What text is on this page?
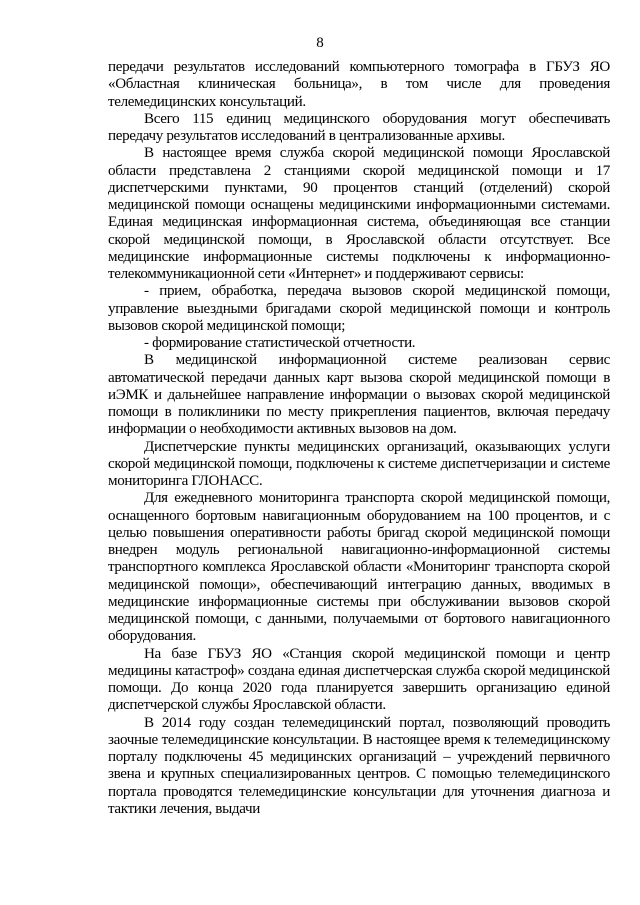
8

передачи результатов исследований компьютерного томографа в ГБУЗ ЯО «Областная клиническая больница», в том числе для проведения телемедицинских консультаций.

Всего 115 единиц медицинского оборудования могут обеспечивать передачу результатов исследований в централизованные архивы.

В настоящее время служба скорой медицинской помощи Ярославской области представлена 2 станциями скорой медицинской помощи и 17 диспетчерскими пунктами, 90 процентов станций (отделений) скорой медицинской помощи оснащены медицинскими информационными системами. Единая медицинская информационная система, объединяющая все станции скорой медицинской помощи, в Ярославской области отсутствует. Все медицинские информационные системы подключены к информационно-телекоммуникационной сети «Интернет» и поддерживают сервисы:

- прием, обработка, передача вызовов скорой медицинской помощи, управление выездными бригадами скорой медицинской помощи и контроль вызовов скорой медицинской помощи;

- формирование статистической отчетности.

В медицинской информационной системе реализован сервис автоматической передачи данных карт вызова скорой медицинской помощи в иЭМК и дальнейшее направление информации о вызовах скорой медицинской помощи в поликлиники по месту прикрепления пациентов, включая передачу информации о необходимости активных вызовов на дом.

Диспетчерские пункты медицинских организаций, оказывающих услуги скорой медицинской помощи, подключены к системе диспетчеризации и системе мониторинга ГЛОНАСС.

Для ежедневного мониторинга транспорта скорой медицинской помощи, оснащенного бортовым навигационным оборудованием на 100 процентов, и с целью повышения оперативности работы бригад скорой медицинской помощи внедрен модуль региональной навигационно-информационной системы транспортного комплекса Ярославской области «Мониторинг транспорта скорой медицинской помощи», обеспечивающий интеграцию данных, вводимых в медицинские информационные системы при обслуживании вызовов скорой медицинской помощи, с данными, получаемыми от бортового навигационного оборудования.

На базе ГБУЗ ЯО «Станция скорой медицинской помощи и центр медицины катастроф» создана единая диспетчерская служба скорой медицинской помощи. До конца 2020 года планируется завершить организацию единой диспетчерской службы Ярославской области.

В 2014 году создан телемедицинский портал, позволяющий проводить заочные телемедицинские консультации. В настоящее время к телемедицинскому порталу подключены 45 медицинских организаций – учреждений первичного звена и крупных специализированных центров. С помощью телемедицинского портала проводятся телемедицинские консультации для уточнения диагноза и тактики лечения, выдачи
